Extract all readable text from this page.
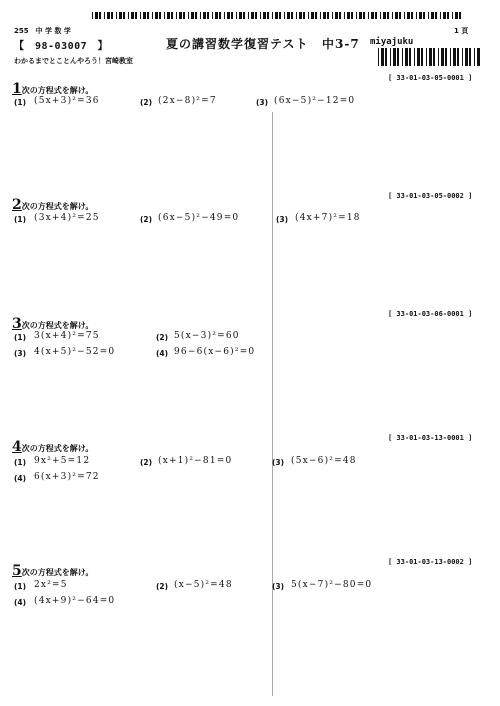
255　中 学 数 学
【　98-03007　】	夏の講習数学復習テスト 中3-7 miyajuku
1 頁
わかるまでとことんやろう！宮崎教室
[ 33-01-03-05-0001 ]
1次の方程式を解け。
(1) (5x+3)²=36	(2) (2x−8)²=7	(3) (6x−5)²−12=0
[ 33-01-03-05-0002 ]
2次の方程式を解け。
(1) (3x+4)²=25	(2) (6x−5)²−49=0	(3) (4x+7)²=18
[ 33-01-03-06-0001 ]
3次の方程式を解け。
(1) 3(x+4)²=75	(2) 5(x−3)²=60
(3) 4(x+5)²−52=0	(4) 96−6(x−6)²=0
[ 33-01-03-13-0001 ]
4次の方程式を解け。
(1) 9x²+5=12	(2) (x+1)²−81=0	(3) (5x−6)²=48
(4) 6(x+3)²=72
[ 33-01-03-13-0002 ]
5次の方程式を解け。
(1) 2x²=5	(2) (x−5)²=48	(3) 5(x−7)²−80=0
(4) (4x+9)²−64=0
